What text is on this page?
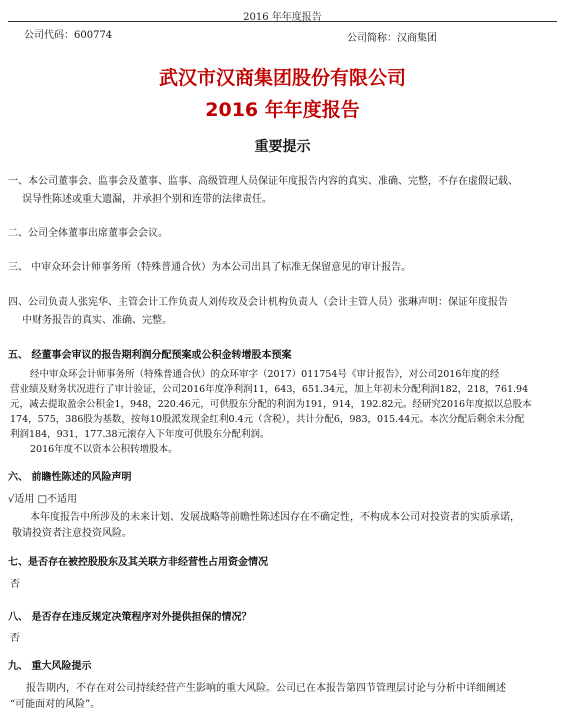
2016 年年度报告
公司代码：600774	公司简称：汉商集团
武汉市汉商集团股份有限公司
2016 年年度报告
重要提示
一、本公司董事会、监事会及董事、监事、高级管理人员保证年度报告内容的真实、准确、完整，不存在虚假记载、
误导性陈述或重大遗漏，并承担个别和连带的法律责任。
二、公司全体董事出席董事会会议。
三、 中审众环会计师事务所（特殊普通合伙）为本公司出具了标准无保留意见的审计报告。
四、公司负责人张宪华、主管会计工作负责人刘传玫及会计机构负责人（会计主管人员）张琳声明：保证年度报告
中财务报告的真实、准确、完整。
五、 经董事会审议的报告期利润分配预案或公积金转增股本预案
经中审众环会计师事务所（特殊普通合伙）的众环审字（2017）011754号《审计报告》，对公司2016年度的经
营业绩及财务状况进行了审计验证，公司2016年度净利润11，643，651.34元，加上年初未分配利润182，218，761.94
元，减去提取盈余公积金1，948，220.46元，可供股东分配的利润为191，914，192.82元。经研究2016年度拟以总股本
174，575，386股为基数，按每10股派发现金红利0.4元（含税），共计分配6，983，015.44元。本次分配后剩余未分配
利润184，931，177.38元滚存入下年度可供股东分配利润。
2016年度不以资本公积转增股本。
六、 前瞻性陈述的风险声明
√适用 □不适用
本年度报告中所涉及的未来计划、发展战略等前瞻性陈述因存在不确定性，不构成本公司对投资者的实质承诺，
敬请投资者注意投资风险。
七、是否存在被控股股东及其关联方非经营性占用资金情况
否
八、 是否存在违反规定决策程序对外提供担保的情况？
否
九、 重大风险提示
报告期内，不存在对公司持续经营产生影响的重大风险。公司已在本报告第四节管理层讨论与分析中详细阐述
“可能面对的风险”。
